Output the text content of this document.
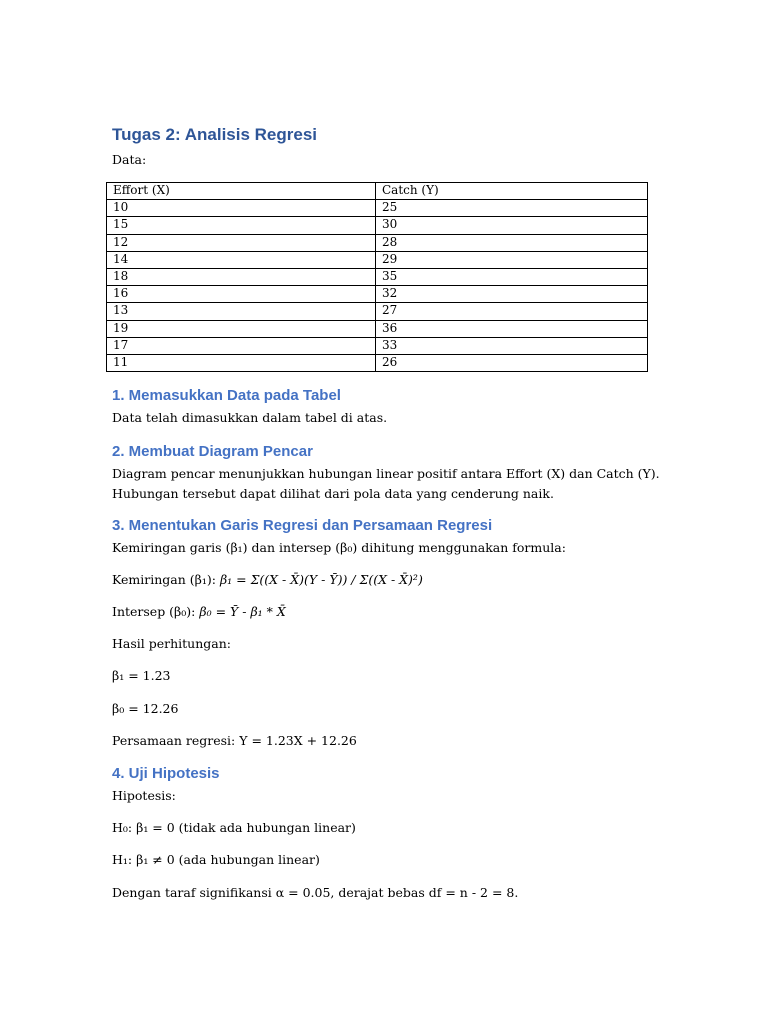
Tugas 2: Analisis Regresi
Data:
Effort (X)	Catch (Y)
10	25
15	30
12	28
14	29
18	35
16	32
13	27
19	36
17	33
11	26
1. Memasukkan Data pada Tabel
Data telah dimasukkan dalam tabel di atas.
2. Membuat Diagram Pencar
Diagram pencar menunjukkan hubungan linear positif antara Effort (X) dan Catch (Y).
Hubungan tersebut dapat dilihat dari pola data yang cenderung naik.
3. Menentukan Garis Regresi dan Persamaan Regresi
Kemiringan garis (β₁) dan intersep (β₀) dihitung menggunakan formula:
Kemiringan (β₁): β₁ = Σ((X - X̄)(Y - Ȳ)) / Σ((X - X̄)²)
Intersep (β₀): β₀ = Ȳ - β₁ * X̄
Hasil perhitungan:
β₁ = 1.23
β₀ = 12.26
Persamaan regresi: Y = 1.23X + 12.26
4. Uji Hipotesis
Hipotesis:
H₀: β₁ = 0 (tidak ada hubungan linear)
H₁: β₁ ≠ 0 (ada hubungan linear)
Dengan taraf signifikansi α = 0.05, derajat bebas df = n - 2 = 8.
